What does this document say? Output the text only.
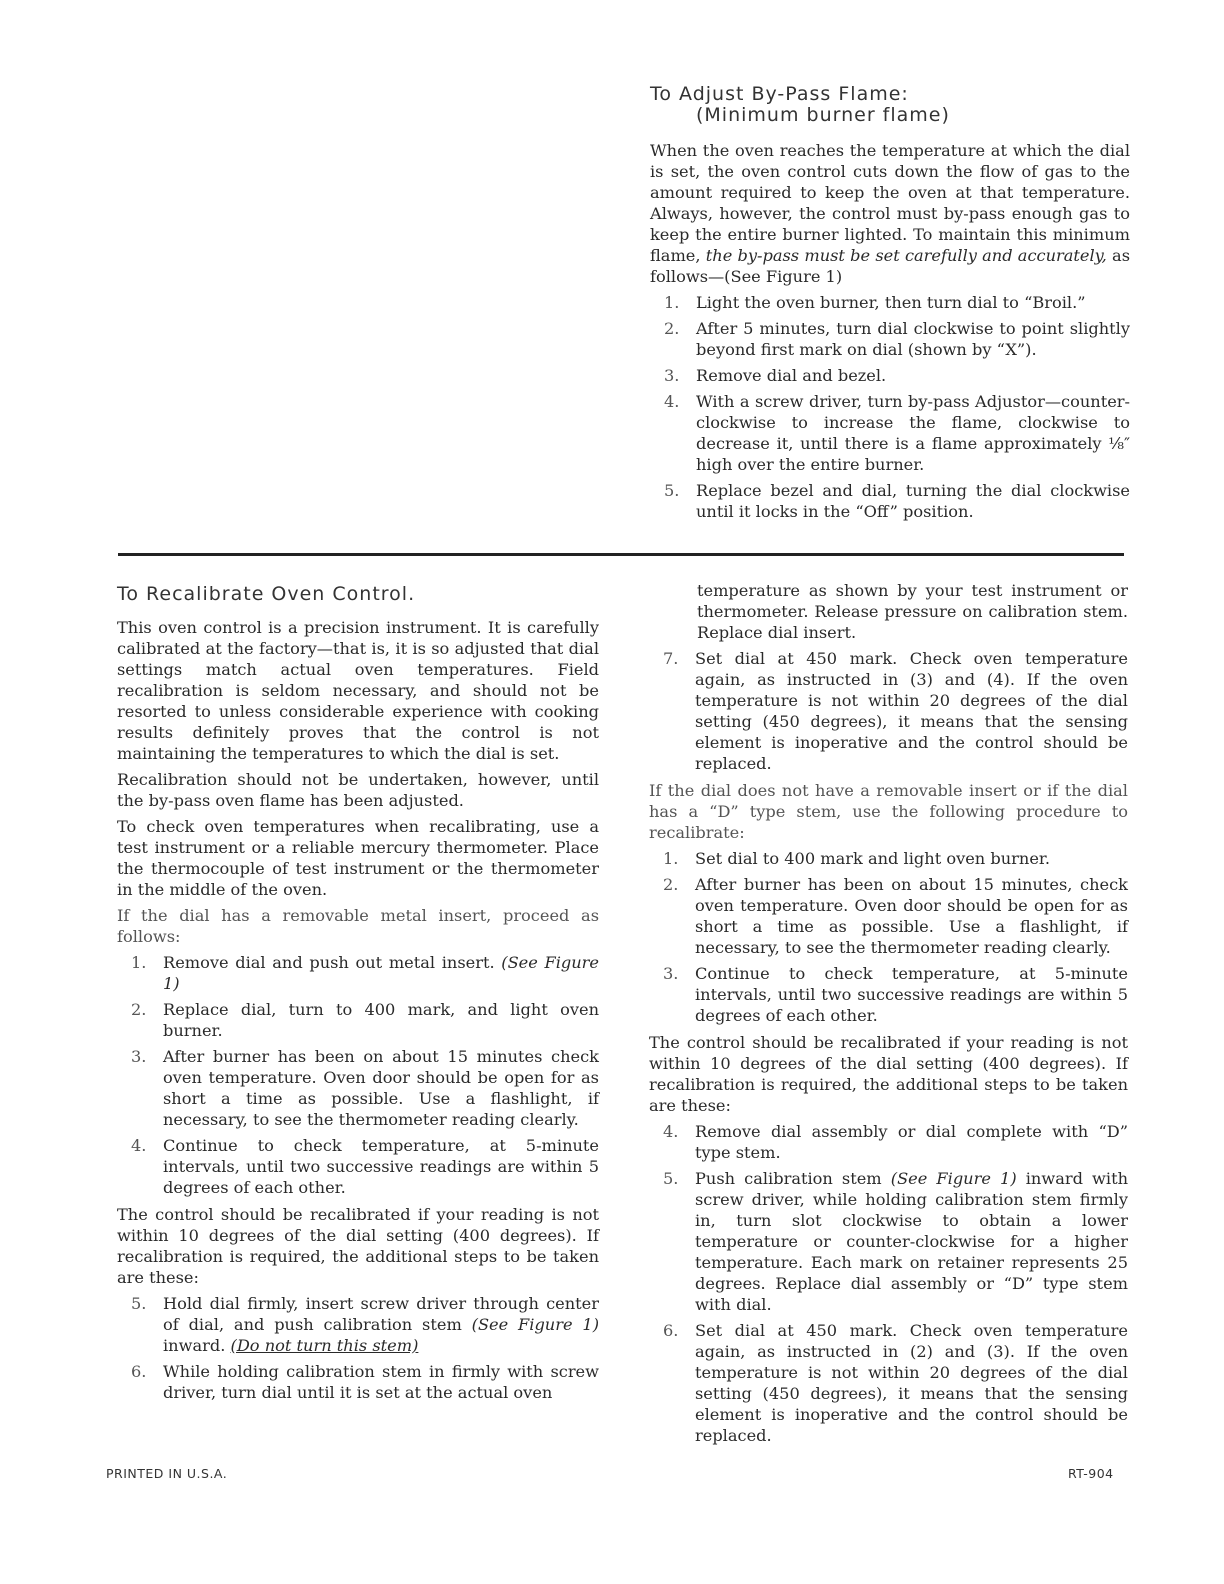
To Adjust By-Pass Flame:
(Minimum burner flame)

When the oven reaches the temperature at which the dial is set, the oven control cuts down the flow of gas to the amount required to keep the oven at that temperature. Always, however, the control must by-pass enough gas to keep the entire burner lighted. To maintain this minimum flame, the by-pass must be set carefully and accurately, as follows—(See Figure 1)

1. Light the oven burner, then turn dial to “Broil.”
2. After 5 minutes, turn dial clockwise to point slightly beyond first mark on dial (shown by “X”).
3. Remove dial and bezel.
4. With a screw driver, turn by-pass Adjustor—counter-clockwise to increase the flame, clockwise to decrease it, until there is a flame approximately ⅛″ high over the entire burner.
5. Replace bezel and dial, turning the dial clockwise until it locks in the “Off” position.
To Recalibrate Oven Control.

This oven control is a precision instrument. It is carefully calibrated at the factory—that is, it is so adjusted that dial settings match actual oven temperatures. Field recalibration is seldom necessary, and should not be resorted to unless considerable experience with cooking results definitely proves that the control is not maintaining the temperatures to which the dial is set.

Recalibration should not be undertaken, however, until the by-pass oven flame has been adjusted.

To check oven temperatures when recalibrating, use a test instrument or a reliable mercury thermometer. Place the thermocouple of test instrument or the thermometer in the middle of the oven.

If the dial has a removable metal insert, proceed as follows:

1. Remove dial and push out metal insert. (See Figure 1)
2. Replace dial, turn to 400 mark, and light oven burner.
3. After burner has been on about 15 minutes check oven temperature. Oven door should be open for as short a time as possible. Use a flashlight, if necessary, to see the thermometer reading clearly.
4. Continue to check temperature, at 5-minute intervals, until two successive readings are within 5 degrees of each other.

The control should be recalibrated if your reading is not within 10 degrees of the dial setting (400 degrees). If recalibration is required, the additional steps to be taken are these:

5. Hold dial firmly, insert screw driver through center of dial, and push calibration stem (See Figure 1) inward. (Do not turn this stem)
6. While holding calibration stem in firmly with screw driver, turn dial until it is set at the actual oven
temperature as shown by your test instrument or thermometer. Release pressure on calibration stem. Replace dial insert.
7. Set dial at 450 mark. Check oven temperature again, as instructed in (3) and (4). If the oven temperature is not within 20 degrees of the dial setting (450 degrees), it means that the sensing element is inoperative and the control should be replaced.

If the dial does not have a removable insert or if the dial has a “D” type stem, use the following procedure to recalibrate:

1. Set dial to 400 mark and light oven burner.
2. After burner has been on about 15 minutes, check oven temperature. Oven door should be open for as short a time as possible. Use a flashlight, if necessary, to see the thermometer reading clearly.
3. Continue to check temperature, at 5-minute intervals, until two successive readings are within 5 degrees of each other.

The control should be recalibrated if your reading is not within 10 degrees of the dial setting (400 degrees). If recalibration is required, the additional steps to be taken are these:

4. Remove dial assembly or dial complete with “D” type stem.
5. Push calibration stem (See Figure 1) inward with screw driver, while holding calibration stem firmly in, turn slot clockwise to obtain a lower temperature or counter-clockwise for a higher temperature. Each mark on retainer represents 25 degrees. Replace dial assembly or “D” type stem with dial.
6. Set dial at 450 mark. Check oven temperature again, as instructed in (2) and (3). If the oven temperature is not within 20 degrees of the dial setting (450 degrees), it means that the sensing element is inoperative and the control should be replaced.
PRINTED IN U.S.A.	RT-904
